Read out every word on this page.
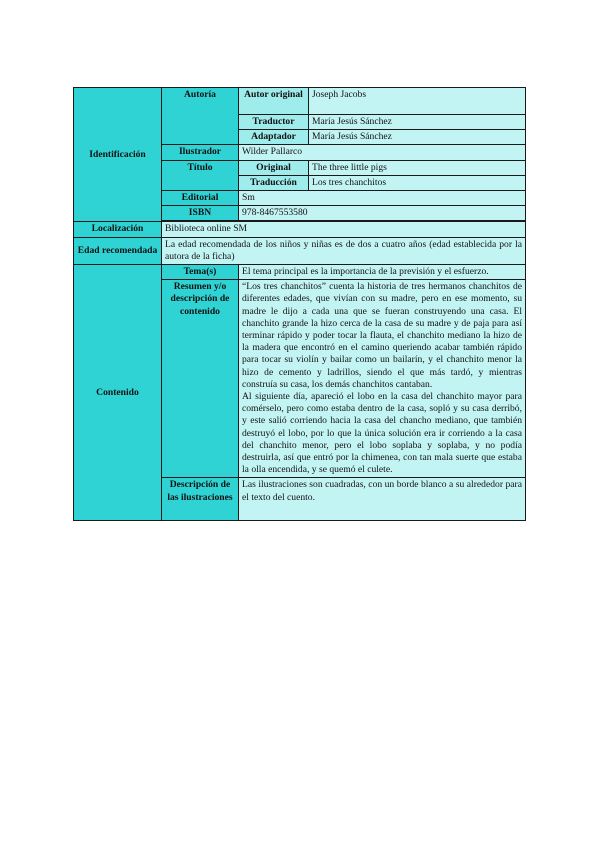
Identificación	Autoría	Autor original	Joseph Jacobs
		Traductor	María Jesús Sánchez
		Adaptador	María Jesús Sánchez
	Ilustrador	Wilder Pallarco	
	Título	Original	The three little pigs
		Traducción	Los tres chanchitos
	Editorial	Sm	
	ISBN	978-8467553580	

Localización	Biblioteca online SM		
Edad recomendada	La edad recomendada de los niños y niñas es de dos a cuatro años (edad establecida por la autora de la ficha)		
Contenido	Tema(s)	El tema principal es la importancia de la previsión y el esfuerzo.	
	Resumen y/o descripción de contenido	“Los tres chanchitos” cuenta la historia de tres hermanos chanchitos de diferentes edades, que vivían con su madre, pero en ese momento, su madre le dijo a cada una que se fueran construyendo una casa. El chanchito grande la hizo cerca de la casa de su madre y de paja para así terminar rápido y poder tocar la flauta, el chanchito mediano la hizo de la madera que encontró en el camino queriendo acabar también rápido para tocar su violín y bailar como un bailarín, y el chanchito menor la hizo de cemento y ladrillos, siendo el que más tardó, y mientras construía su casa, los demás chanchitos cantaban.
Al siguiente día, apareció el lobo en la casa del chanchito mayor para comérselo, pero como estaba dentro de la casa, sopló y su casa derribó, y este salió corriendo hacia la casa del chancho mediano, que también destruyó el lobo, por lo que la única solución era ir corriendo a la casa del chanchito menor, pero el lobo soplaba y soplaba, y no podía destruirla, así que entró por la chimenea, con tan mala suerte que estaba la olla encendida, y se quemó el culete.	

	Descripción de las ilustraciones	Las ilustraciones son cuadradas, con un borde blanco a su alrededor para el texto del cuento.	
